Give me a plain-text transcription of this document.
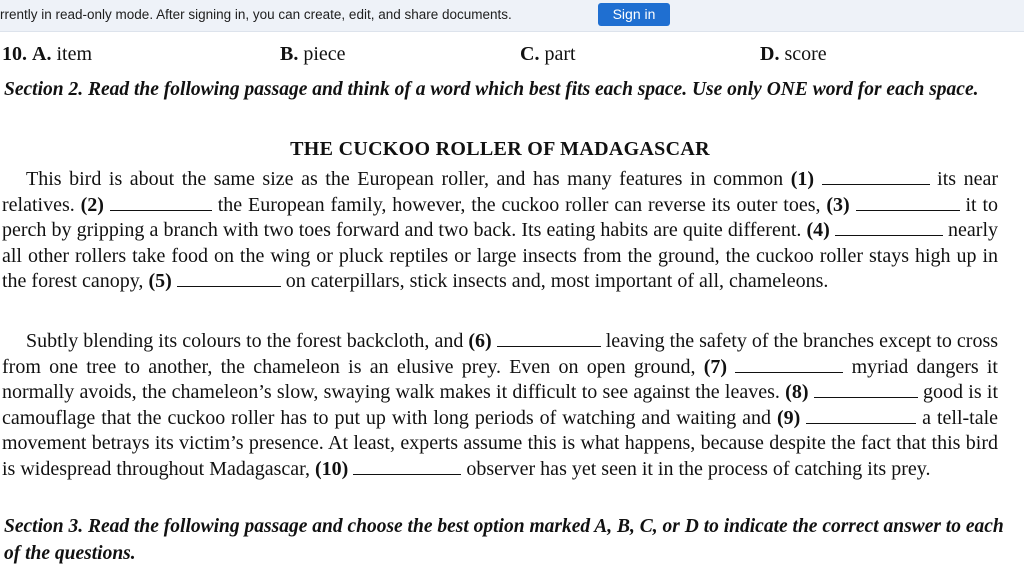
rrently in read-only mode. After signing in, you can create, edit, and share documents.	Sign in
10. A. item	B. piece	C. part	D. score
Section 2. Read the following passage and think of a word which best fits each space. Use only ONE word for each space.
THE CUCKOO ROLLER OF MADAGASCAR

This bird is about the same size as the European roller, and has many features in common (1)	its near relatives. (2)	the European family, however, the cuckoo roller can reverse its outer toes, (3)	it to perch by gripping a branch with two toes forward and two back. Its eating habits are quite different. (4)	nearly all other rollers take food on the wing or pluck reptiles or large insects from the ground, the cuckoo roller stays high up in the forest canopy, (5)	on caterpillars, stick insects and, most important of all, chameleons.

Subtly blending its colours to the forest backcloth, and (6)	leaving the safety of the branches except to cross from one tree to another, the chameleon is an elusive prey. Even on open ground, (7)	myriad dangers it normally avoids, the chameleon’s slow, swaying walk makes it difficult to see against the leaves. (8)	good is it camouflage that the cuckoo roller has to put up with long periods of watching and waiting and (9)	a tell-tale movement betrays its victim’s presence. At least, experts assume this is what happens, because despite the fact that this bird is widespread throughout Madagascar, (10)	observer has yet seen it in the process of catching its prey.

Section 3. Read the following passage and choose the best option marked A, B, C, or D to indicate the correct answer to each of the questions.
